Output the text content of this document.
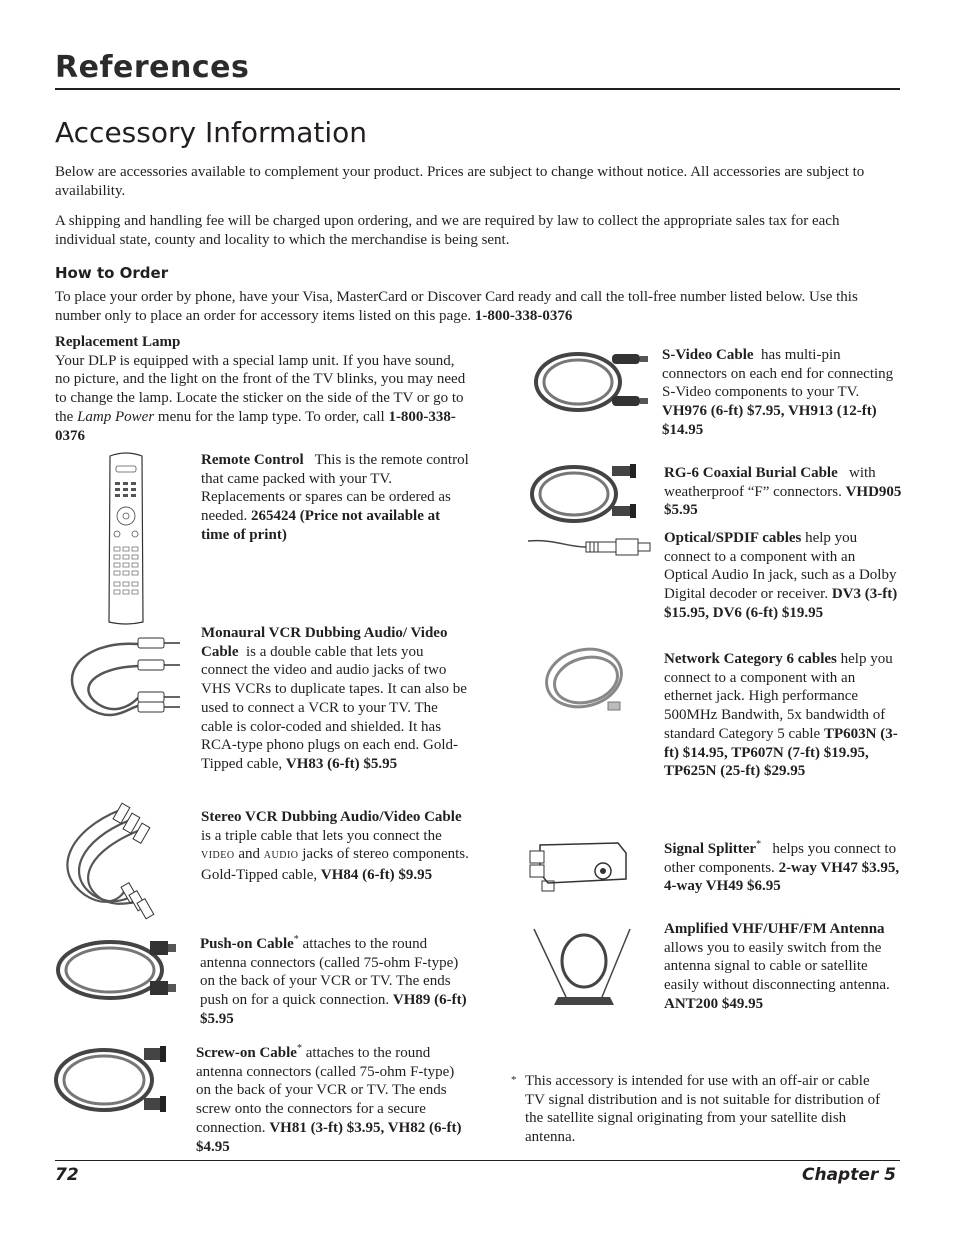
References
Accessory Information
Below are accessories available to complement your product. Prices are subject to change without notice. All accessories are subject to availability.
A shipping and handling fee will be charged upon ordering, and we are required by law to collect the appropriate sales tax for each individual state, county and locality to which the merchandise is being sent.
How to Order
To place your order by phone, have your Visa, MasterCard or Discover Card ready and call the toll-free number listed below. Use this number only to place an order for accessory items listed on this page. 1-800-338-0376
Replacement Lamp
Your DLP is equipped with a special lamp unit. If you have sound, no picture, and the light on the front of the TV blinks, you may need to change the lamp. Locate the sticker on the side of the TV or go to the Lamp Power menu for the lamp type. To order, call 1-800-338-0376
Remote Control This is the remote control that came packed with your TV. Replacements or spares can be ordered as needed. 265424 (Price not available at time of print)
Monaural VCR Dubbing Audio/ Video Cable is a double cable that lets you connect the video and audio jacks of two VHS VCRs to duplicate tapes. It can also be used to connect a VCR to your TV. The cable is color-coded and shielded. It has RCA-type phono plugs on each end. Gold-Tipped cable, VH83 (6-ft) $5.95
Stereo VCR Dubbing Audio/Video Cable  is a triple cable that lets you connect the VIDEO and AUDIO jacks of stereo components. Gold-Tipped cable, VH84 (6-ft) $9.95
Push-on Cable* attaches to the round antenna connectors (called 75-ohm F-type) on the back of your VCR or TV. The ends push on for a quick connection. VH89 (6-ft) $5.95
Screw-on Cable* attaches to the round antenna connectors (called 75-ohm F-type) on the back of your VCR or TV. The ends screw onto the connectors for a secure connection. VH81 (3-ft) $3.95, VH82 (6-ft) $4.95
S-Video Cable has multi-pin connectors on each end for connecting S-Video components to your TV. VH976 (6-ft) $7.95, VH913 (12-ft) $14.95
RG-6 Coaxial Burial Cable with weatherproof “F” connectors. VHD905 $5.95
Optical/SPDIF cables help you connect to a component with an Optical Audio In jack, such as a Dolby Digital decoder or receiver. DV3 (3-ft) $15.95, DV6 (6-ft) $19.95
Network Category 6 cables help you connect to a component with an ethernet jack. High performance 500MHz Bandwith, 5x bandwidth of standard Category 5 cable TP603N (3-ft) $14.95, TP607N (7-ft) $19.95, TP625N (25-ft) $29.95
Signal Splitter* helps you connect to other components. 2-way VH47 $3.95, 4-way VH49 $6.95
Amplified VHF/UHF/FM Antenna   allows you to easily switch from the antenna signal to cable or satellite easily without disconnecting antenna. ANT200 $49.95
* This accessory is intended for use with an off-air or cable TV signal distribution and is not suitable for distribution of the satellite signal originating from your satellite dish antenna.
72	Chapter 5
